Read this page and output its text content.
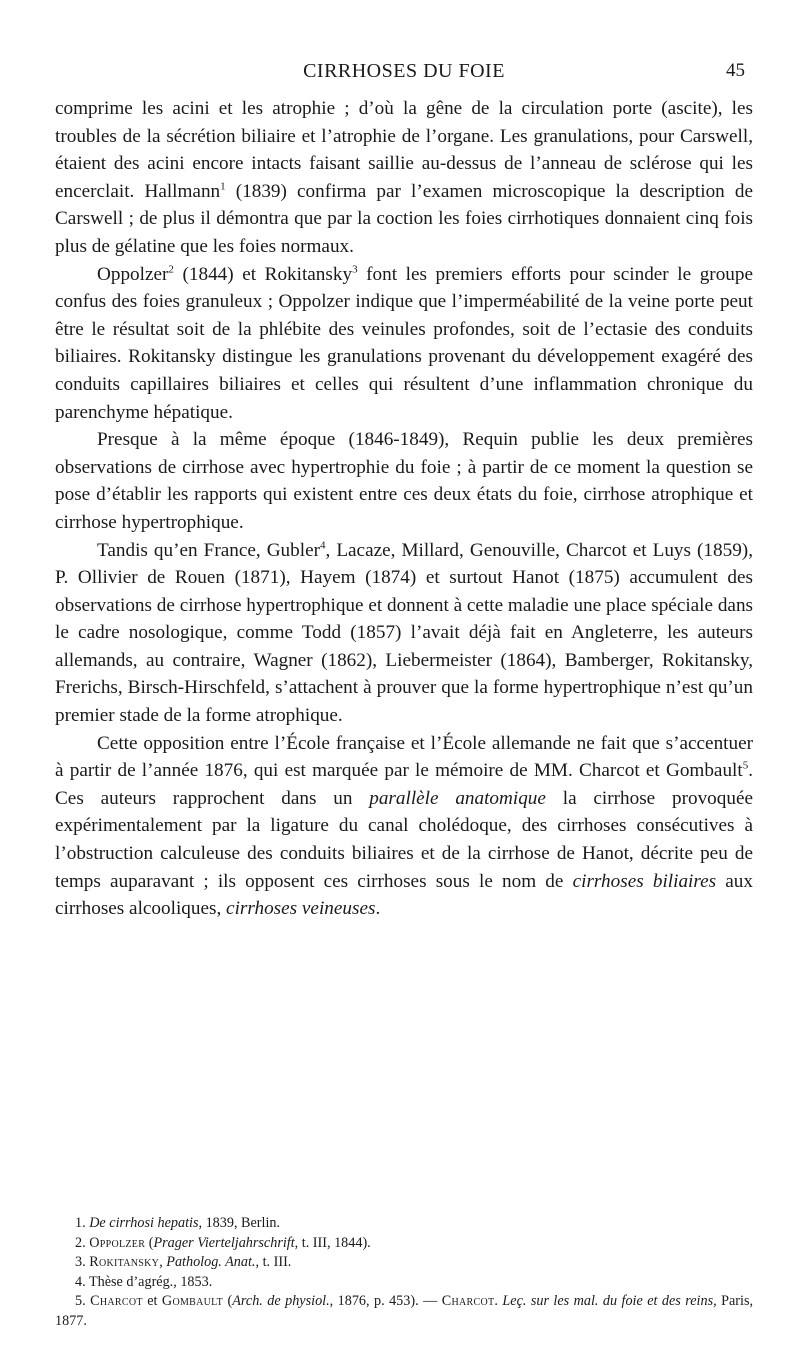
CIRRHOSES DU FOIE	45

comprime les acini et les atrophie ; d’où la gêne de la circulation porte (ascite), les troubles de la sécrétion biliaire et l’atrophie de l’organe. Les granulations, pour Carswell, étaient des acini encore intacts faisant saillie au-dessus de l’anneau de sclérose qui les encerclait. Hallmann$^1$ (1839) confirma par l’examen microscopique la description de Carswell ; de plus il démontra que par la coction les foies cirrhotiques donnaient cinq fois plus de gélatine que les foies normaux.

Oppolzer$^2$ (1844) et Rokitansky$^3$ font les premiers efforts pour scinder le groupe confus des foies granuleux ; Oppolzer indique que l’imperméabilité de la veine porte peut être le résultat soit de la phlébite des veinules profondes, soit de l’ectasie des conduits biliaires. Rokitansky distingue les granulations provenant du développement exagéré des conduits capillaires biliaires et celles qui résultent d’une inflammation chronique du parenchyme hépatique.

Presque à la même époque (1846-1849), Requin publie les deux premières observations de cirrhose avec hypertrophie du foie ; à partir de ce moment la question se pose d’établir les rapports qui existent entre ces deux états du foie, cirrhose atrophique et cirrhose hypertrophique.

Tandis qu’en France, Gubler$^4$, Lacaze, Millard, Genouville, Charcot et Luys (1859), P. Ollivier de Rouen (1871), Hayem (1874) et surtout Hanot (1875) accumulent des observations de cirrhose hypertrophique et donnent à cette maladie une place spéciale dans le cadre nosologique, comme Todd (1857) l’avait déjà fait en Angleterre, les auteurs allemands, au contraire, Wagner (1862), Liebermeister (1864), Bamberger, Rokitansky, Frerichs, Birsch-Hirschfeld, s’attachent à prouver que la forme hypertrophique n’est qu’un premier stade de la forme atrophique.

Cette opposition entre l’École française et l’École allemande ne fait que s’accentuer à partir de l’année 1876, qui est marquée par le mémoire de MM. Charcot et Gombault$^5$. Ces auteurs rapprochent dans un parallèle anatomique la cirrhose provoquée expérimentalement par la ligature du canal cholédoque, des cirrhoses consécutives à l’obstruction calculeuse des conduits biliaires et de la cirrhose de Hanot, décrite peu de temps auparavant ; ils opposent ces cirrhoses sous le nom de cirrhoses biliaires aux cirrhoses alcooliques, cirrhoses veineuses.

1. De cirrhosi hepatis, 1839, Berlin.
2. Oppolzer (Prager Vierteljahrschrift, t. III, 1844).
3. Rokitansky, Patholog. Anat., t. III.
4. Thèse d’agrég., 1853.
5. Charcot et Gombault (Arch. de physiol., 1876, p. 453). — Charcot. Leç. sur les mal. du foie et des reins, Paris, 1877.
